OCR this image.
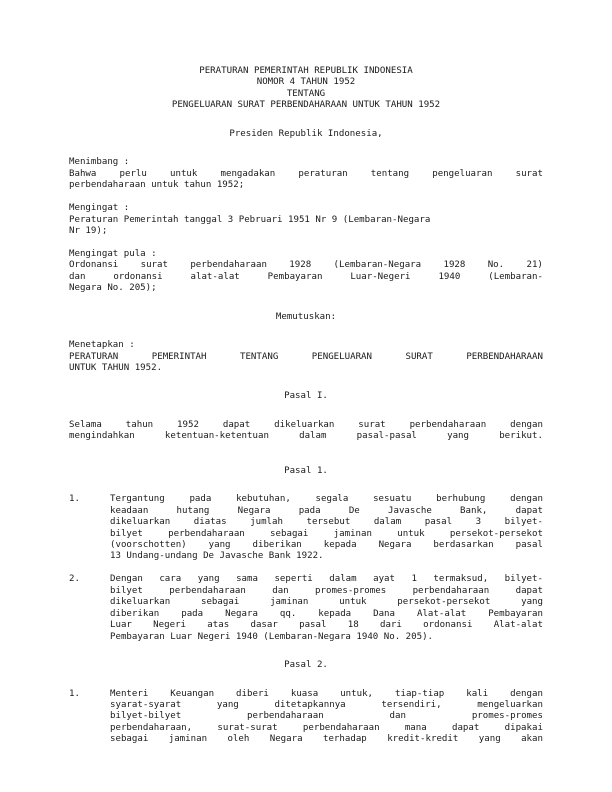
PERATURAN PEMERINTAH REPUBLIK INDONESIA
NOMOR 4 TAHUN 1952
TENTANG
PENGELUARAN SURAT PERBENDAHARAAN UNTUK TAHUN 1952
Presiden Republik Indonesia,
Menimbang :
Bahwa	perlu	untuk	mengadakan	peraturan	tentang	pengeluaran	surat
perbendaharaan untuk tahun 1952;
Mengingat :
Peraturan Pemerintah tanggal 3 Pebruari 1951 Nr 9 (Lembaran-Negara
Nr 19);
Mengingat pula :
Ordonansi surat perbendaharaan 1928 (Lembaran-Negara 1928 No. 21)
dan	ordonansi	alat-alat	Pembayaran	Luar-Negeri	1940	(Lembaran-
Negara No. 205);
Memutuskan:
Menetapkan :
PERATURAN	PEMERINTAH	TENTANG	PENGELUARAN	SURAT	PERBENDAHARAAN
UNTUK TAHUN 1952.
Pasal I.
Selama	tahun	1952	dapat	dikeluarkan	surat	perbendaharaan	dengan
mengindahkan	ketentuan-ketentuan	dalam	pasal-pasal	yang	berikut.
Pasal 1.
1.	Tergantung	pada	kebutuhan,	segala	sesuatu	berhubung	dengan
keadaan	hutang	Negara	pada	De	Javasche	Bank,	dapat
dikeluarkan	diatas	jumlah	tersebut	dalam	pasal	3	bilyet-
bilyet	perbendaharaan	sebagai	jaminan	untuk	persekot-persekot
(voorschotten) yang diberikan kepada Negara berdasarkan pasal
13 Undang-undang De Javasche Bank 1922.
2.	Dengan cara yang sama seperti dalam ayat 1 termaksud, bilyet-
bilyet	perbendaharaan	dan	promes-promes	perbendaharaan	dapat
dikeluarkan	sebagai	jaminan	untuk	persekot-persekot	yang
diberikan pada Negara qq. kepada Dana Alat-alat Pembayaran
Luar Negeri atas dasar pasal 18 dari ordonansi Alat-alat
Pembayaran Luar Negeri 1940 (Lembaran-Negara 1940 No. 205).
Pasal 2.
1.	Menteri Keuangan diberi kuasa untuk, tiap-tiap kali dengan
syarat-syarat	yang	ditetapkannya	tersendiri,	mengeluarkan
bilyet-bilyet	perbendaharaan	dan	promes-promes
perbendaharaan,	surat-surat	perbendaharaan	mana	dapat	dipakai
sebagai jaminan oleh Negara terhadap kredit-kredit yang akan
